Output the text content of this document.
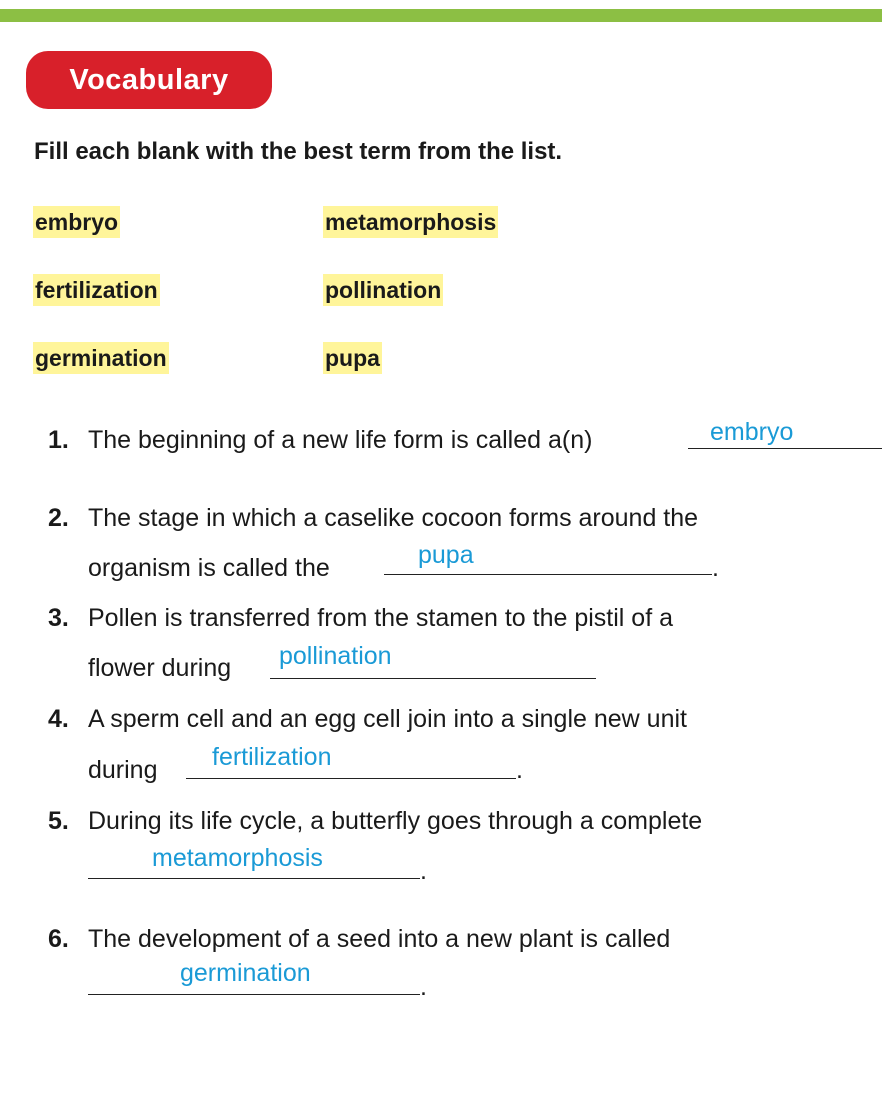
Vocabulary
Fill each blank with the best term from the list.
embryo	metamorphosis
fertilization	pollination
germination	pupa
1. The beginning of a new life form is called a(n)	embryo
2. The stage in which a caselike cocoon forms around the
organism is called the	pupa	.
3. Pollen is transferred from the stamen to the pistil of a
flower during pollination
4. A sperm cell and an egg cell join into a single new unit
during fertilization	.
5. During its life cycle, a butterfly goes through a complete
metamorphosis	.
6. The development of a seed into a new plant is called
germination	.
